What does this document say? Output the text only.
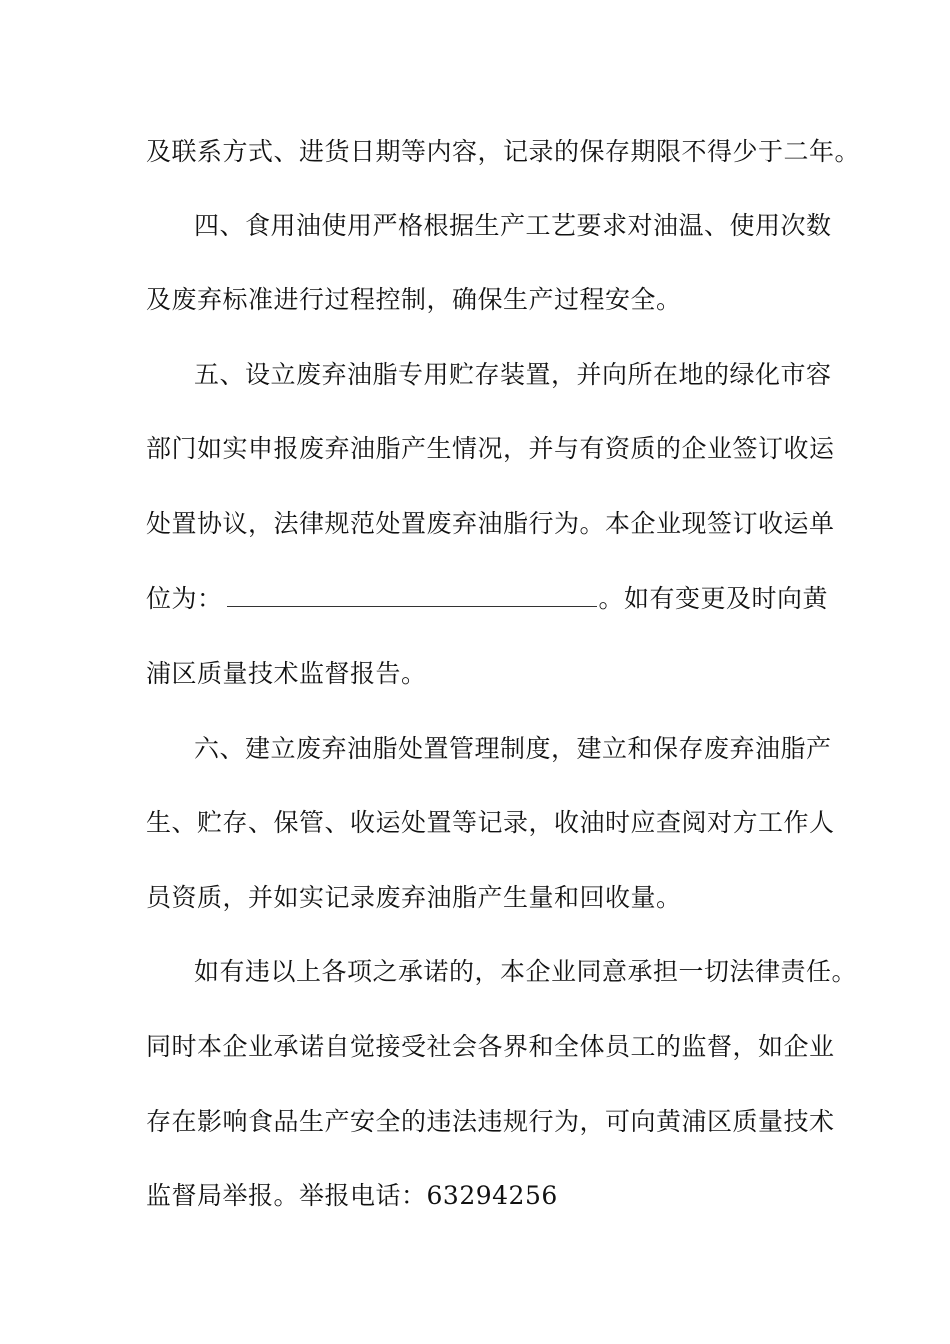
及联系方式、进货日期等内容，记录的保存期限不得少于二年。
四、食用油使用严格根据生产工艺要求对油温、使用次数
及废弃标准进行过程控制，确保生产过程安全。
五、设立废弃油脂专用贮存装置，并向所在地的绿化市容
部门如实申报废弃油脂产生情况，并与有资质的企业签订收运
处置协议，法律规范处置废弃油脂行为。本企业现签订收运单
位为：	。如有变更及时向黄
浦区质量技术监督报告。
六、建立废弃油脂处置管理制度，建立和保存废弃油脂产
生、贮存、保管、收运处置等记录，收油时应查阅对方工作人
员资质，并如实记录废弃油脂产生量和回收量。
如有违以上各项之承诺的，本企业同意承担一切法律责任。
同时本企业承诺自觉接受社会各界和全体员工的监督，如企业
存在影响食品生产安全的违法违规行为，可向黄浦区质量技术
监督局举报。举报电话：63294256
